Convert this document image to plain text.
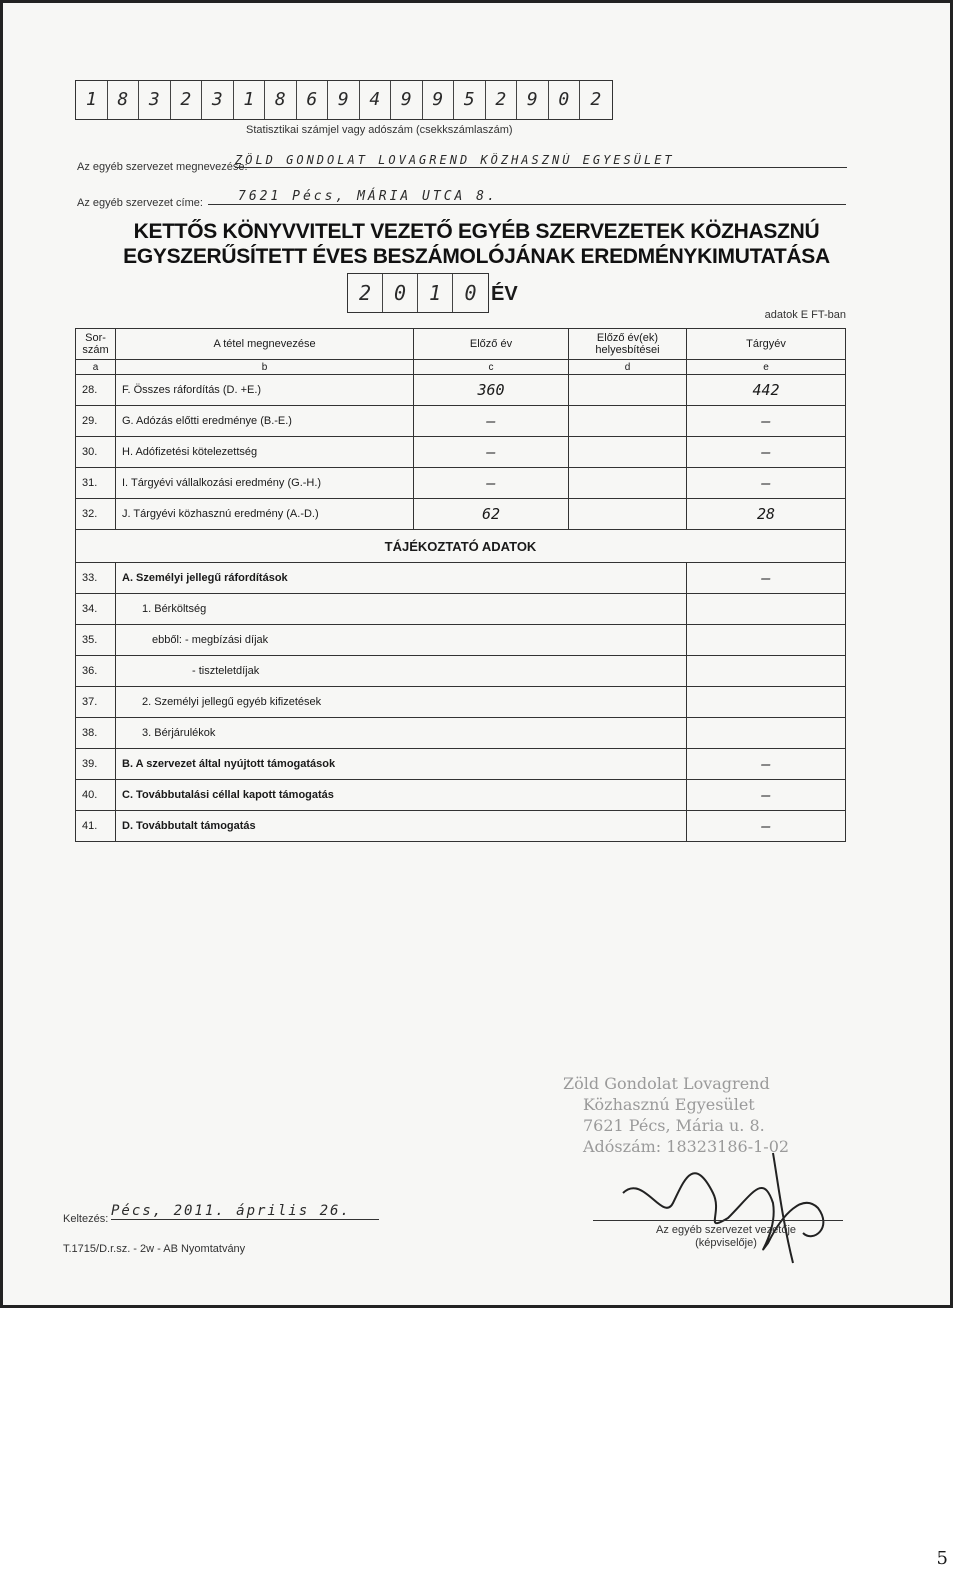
1	8	3	2	3	1	8	6	9	4	9	9	5	2	9	0	2
Statisztikai számjel vagy adószám (csekkszámlaszám)
Az egyéb szervezet megnevezése:
ZÖLD GONDOLAT LOVAGREND KÖZHASZNÚ EGYESÜLET
Az egyéb szervezet címe:	7621 Pécs, MÁRIA UTCA 8.
KETTŐS KÖNYVVITELT VEZETŐ EGYÉB SZERVEZETEK KÖZHASZNÚ
EGYSZERŰSÍTETT ÉVES BESZÁMOLÓJÁNAK EREDMÉNYKIMUTATÁSA
2	0	1	0 ÉV
adatok E FT-ban
Sor-
szám	A tétel megnevezése	Előző év	Előző év(ek)
helyesbítései	Tárgyév
a	b	c	d	e
28.	F. Összes ráfordítás (D. +E.)	360		442
29.	G. Adózás előtti eredménye (B.-E.)	—		—
30.	H. Adófizetési kötelezettség	—		—
31.	I. Tárgyévi vállalkozási eredmény (G.-H.)	—		—
32.	J. Tárgyévi közhasznú eredmény (A.-D.)	62		28
TÁJÉKOZTATÓ ADATOK				
33.	A. Személyi jellegű ráfordítások			—
34.	1. Bérköltség			
35.	ebből: - megbízási díjak			
36.	- tiszteletdíjak			
37.	2. Személyi jellegű egyéb kifizetések			
38.	3. Bérjárulékok			
39.	B. A szervezet által nyújtott támogatások			—
40.	C. Továbbutalási céllal kapott támogatás			—
41.	D. Továbbutalt támogatás			—
Zöld Gondolat Lovagrend
Közhasznú Egyesület
7621 Pécs, Mária u. 8.
Adószám: 18323186-1-02
Az egyéb szervezet vezetője (képviselője)
Keltezés: Pécs, 2011. április 26.
T.1715/D.r.sz. - 2w - AB Nyomtatvány
5
